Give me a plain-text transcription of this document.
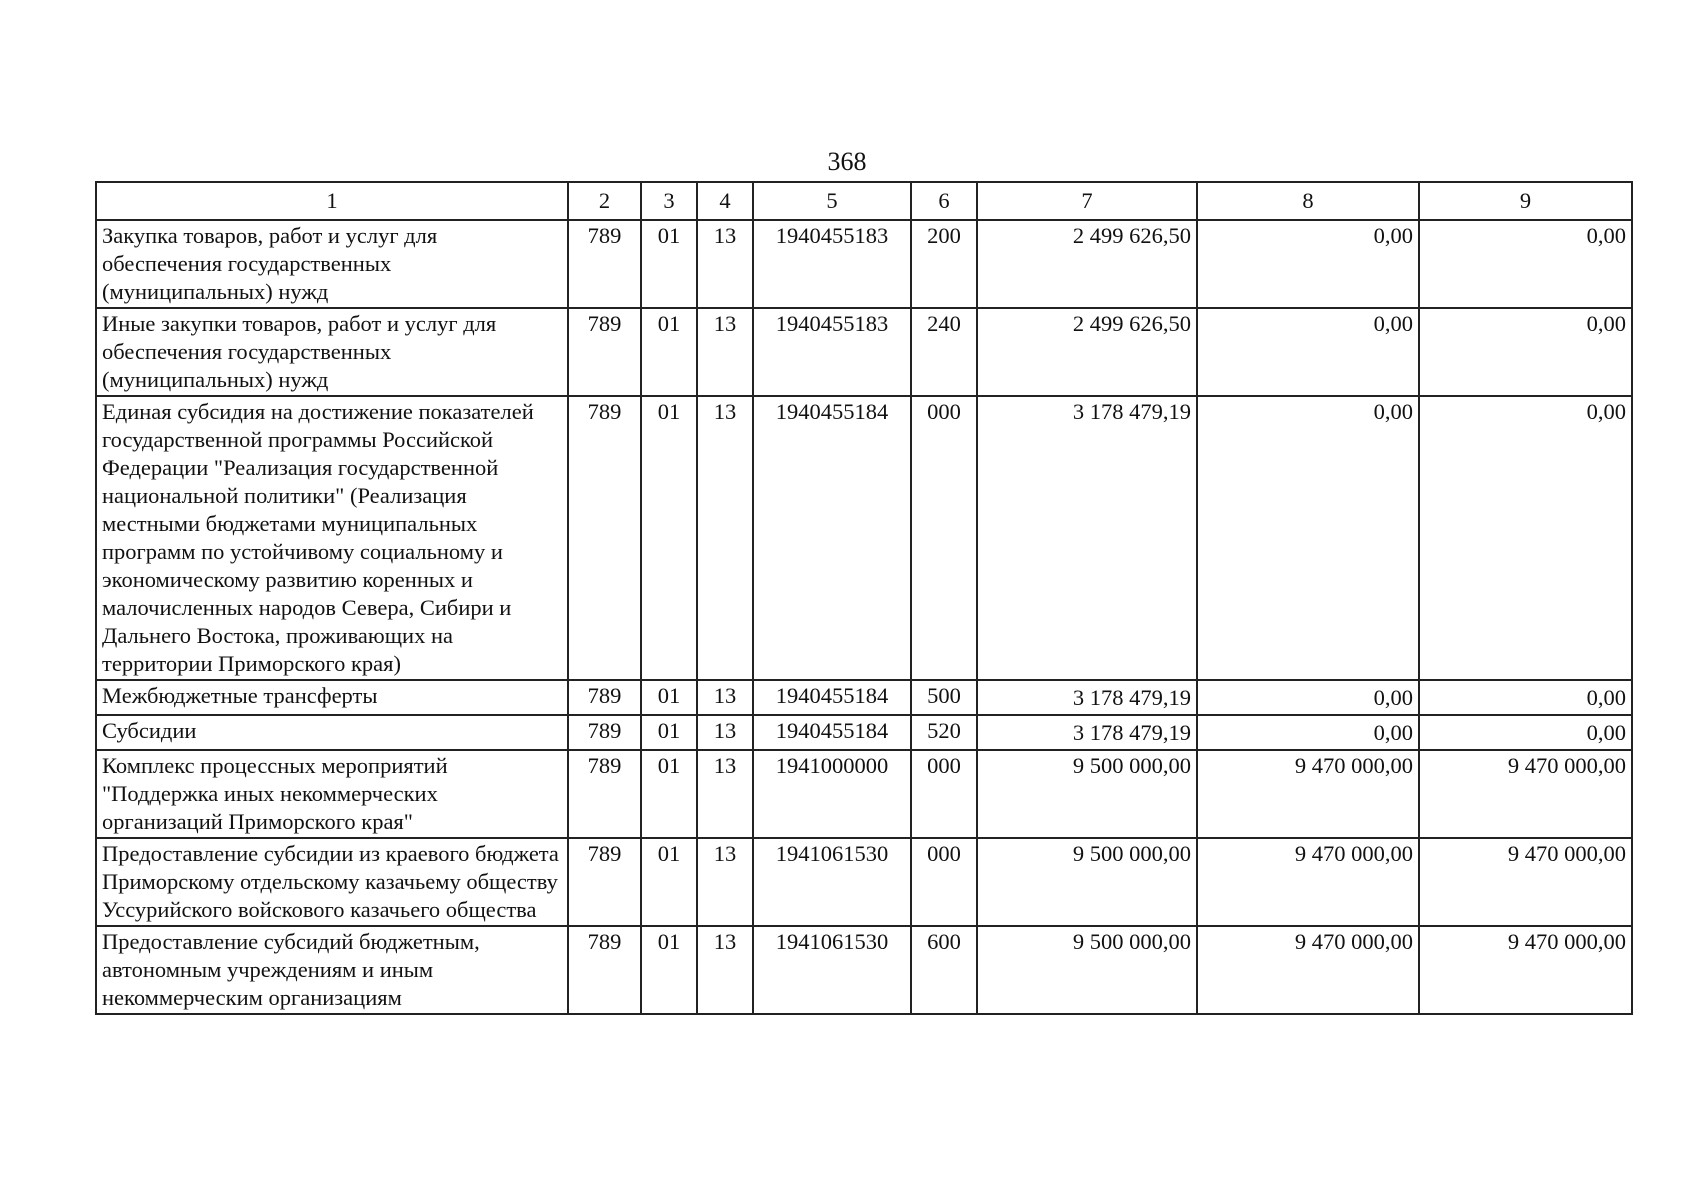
368
1	2	3	4	5	6	7	8	9
Закупка товаров, работ и услуг для обеспечения государственных (муниципальных) нужд	789	01	13	1940455183	200	2 499 626,50	0,00	0,00
Иные закупки товаров, работ и услуг для обеспечения государственных (муниципальных) нужд	789	01	13	1940455183	240	2 499 626,50	0,00	0,00
Единая субсидия на достижение показателей государственной программы Российской Федерации "Реализация государственной национальной политики" (Реализация местными бюджетами муниципальных программ по устойчивому социальному и экономическому развитию коренных и малочисленных народов Севера, Сибири и Дальнего Востока, проживающих на территории Приморского края)	789	01	13	1940455184	000	3 178 479,19	0,00	0,00
Межбюджетные трансферты	789	01	13	1940455184	500	3 178 479,19	0,00	0,00
Субсидии	789	01	13	1940455184	520	3 178 479,19	0,00	0,00
Комплекс процессных мероприятий "Поддержка иных некоммерческих организаций Приморского края"	789	01	13	1941000000	000	9 500 000,00	9 470 000,00	9 470 000,00
Предоставление субсидии из краевого бюджета Приморскому отдельскому казачьему обществу Уссурийского войскового казачьего общества	789	01	13	1941061530	000	9 500 000,00	9 470 000,00	9 470 000,00
Предоставление субсидий бюджетным, автономным учреждениям и иным некоммерческим организациям	789	01	13	1941061530	600	9 500 000,00	9 470 000,00	9 470 000,00
